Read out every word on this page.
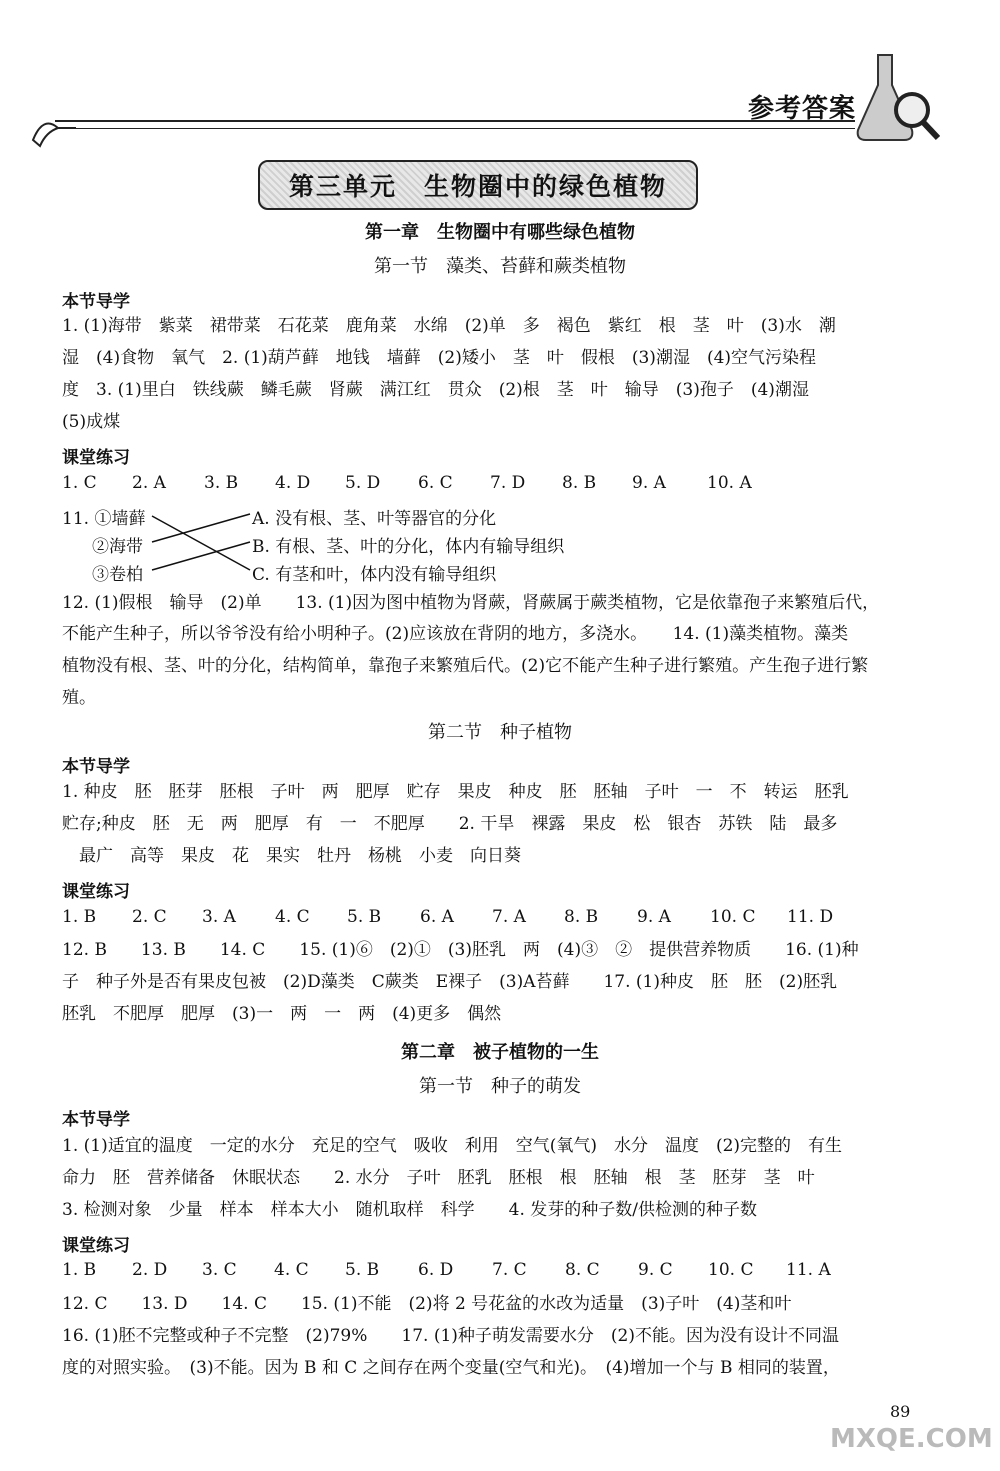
参考答案
第三单元　生物圈中的绿色植物
第一章　生物圈中有哪些绿色植物
第一节　藻类、苔藓和蕨类植物
本节导学
1. (1)海带　紫菜　裙带菜　石花菜　鹿角菜　水绵　(2)单　多　褐色　紫红　根　茎　叶　(3)水　潮
湿　(4)食物　氧气　2. (1)葫芦藓　地钱　墙藓　(2)矮小　茎　叶　假根　(3)潮湿　(4)空气污染程
度　3. (1)里白　铁线蕨　鳞毛蕨　肾蕨　满江红　贯众　(2)根　茎　叶　输导　(3)孢子　(4)潮湿
(5)成煤
课堂练习
1. C 2. A 3. B 4. D 5. D 6. C 7. D 8. B 9. A 10. A
11. ①墙藓
②海带
③卷柏
A. 没有根、茎、叶等器官的分化
B. 有根、茎、叶的分化，体内有输导组织
C. 有茎和叶，体内没有输导组织
12. (1)假根　输导　(2)单　　13. (1)因为图中植物为肾蕨，肾蕨属于蕨类植物，它是依靠孢子来繁殖后代，
不能产生种子，所以爷爷没有给小明种子。(2)应该放在背阴的地方，多浇水。　　14. (1)藻类植物。藻类
植物没有根、茎、叶的分化，结构简单，靠孢子来繁殖后代。(2)它不能产生种子进行繁殖。产生孢子进行繁
殖。
第二节　种子植物
本节导学
1. 种皮　胚　胚芽　胚根　子叶　两　肥厚　贮存　果皮　种皮　胚　胚轴　子叶　一　不　转运　胚乳
贮存;种皮　胚　无　两　肥厚　有　一　不肥厚　　2. 干旱　裸露　果皮　松　银杏　苏铁　陆　最多
　最广　高等　果皮　花　果实　牡丹　杨桃　小麦　向日葵
课堂练习
1. B 2. C 3. A 4. C 5. B 6. A 7. A 8. B 9. A 10. C 11. D
12. B　　13. B　　14. C　　15. (1)⑥　(2)①　(3)胚乳　两　(4)③　②　提供营养物质　　16. (1)种
子　种子外是否有果皮包被　(2)D藻类　C蕨类　E裸子　(3)A苔藓　　17. (1)种皮　胚　胚　(2)胚乳
胚乳　不肥厚　肥厚　(3)一　两　一　两　(4)更多　偶然
第二章　被子植物的一生
第一节　种子的萌发
本节导学
1. (1)适宜的温度　一定的水分　充足的空气　吸收　利用　空气(氧气)　水分　温度　(2)完整的　有生
命力　胚　营养储备　休眠状态　　2. 水分　子叶　胚乳　胚根　根　胚轴　根　茎　胚芽　茎　叶
3. 检测对象　少量　样本　样本大小　随机取样　科学　　4. 发芽的种子数/供检测的种子数
课堂练习
1. B 2. D 3. C 4. C 5. B 6. D 7. C 8. C 9. C 10. C 11. A
12. C　　13. D　　14. C　　15. (1)不能　(2)将 2 号花盆的水改为适量　(3)子叶　(4)茎和叶
16. (1)胚不完整或种子不完整　(2)79%　　17. (1)种子萌发需要水分　(2)不能。因为没有设计不同温
度的对照实验。　(3)不能。因为 B 和 C 之间存在两个变量(空气和光)。　(4)增加一个与 B 相同的装置，
89
MXQE.COM
